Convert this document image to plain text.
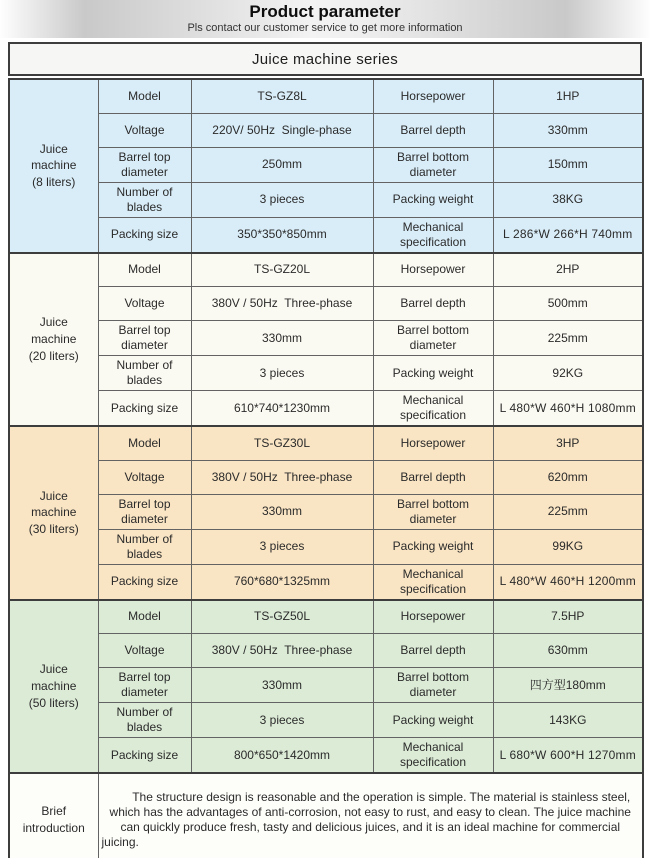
Product parameter
Pls contact our customer service to get more information
Juice machine series
Juice
machine
(8 liters)	Model	TS-GZ8L	Horsepower	1HP
	Voltage	220V/ 50Hz  Single-phase	Barrel depth	330mm
	Barrel top diameter	250mm	Barrel bottom diameter	150mm
	Number of blades	3 pieces	Packing weight	38KG
	Packing size	350*350*850mm	Mechanical specification	L 286*W 266*H 740mm

Juice
machine
(20 liters)	Model	TS-GZ20L	Horsepower	2HP
	Voltage	380V / 50Hz  Three-phase	Barrel depth	500mm
	Barrel top diameter	330mm	Barrel bottom diameter	225mm
	Number of blades	3 pieces	Packing weight	92KG
	Packing size	610*740*1230mm	Mechanical specification	L 480*W 460*H 1080mm

Juice
machine
(30 liters)	Model	TS-GZ30L	Horsepower	3HP
	Voltage	380V / 50Hz  Three-phase	Barrel depth	620mm
	Barrel top diameter	330mm	Barrel bottom diameter	225mm
	Number of blades	3 pieces	Packing weight	99KG
	Packing size	760*680*1325mm	Mechanical specification	L 480*W 460*H 1200mm

Juice
machine
(50 liters)	Model	TS-GZ50L	Horsepower	7.5HP
	Voltage	380V / 50Hz  Three-phase	Barrel depth	630mm
	Barrel top diameter	330mm	Barrel bottom diameter	四方型180mm
	Number of blades	3 pieces	Packing weight	143KG
	Packing size	800*650*1420mm	Mechanical specification	L 680*W 600*H 1270mm

Brief
introduction	The structure design is reasonable and the operation is simple. The material is stainless steel, which has the advantages of anti-corrosion, not easy to rust, and easy to clean. The juice machine can quickly produce fresh, tasty and delicious juices, and it is an ideal machine for commercial juicing.			
